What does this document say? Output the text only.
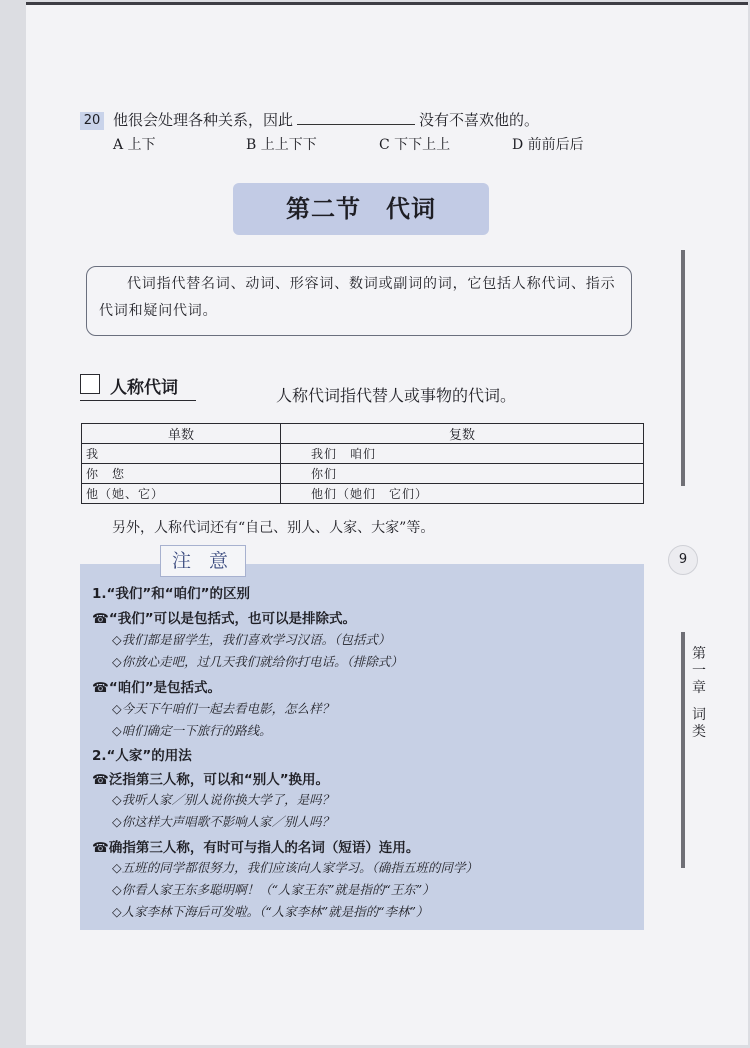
20 他很会处理各种关系，因此	没有不喜欢他的。
A 上下	B 上上下下	C 下下上上	D 前前后后
第二节　代词

代词指代替名词、动词、形容词、数词或副词的词，它包括人称代词、指示代词和疑问代词。

人称代词	人称代词指代替人或事物的代词。
单数	复数
我	我们　咱们
你　您	你们
他（她、它）	他们（她们　它们）
另外，人称代词还有“自己、别人、人家、大家”等。
1.“我们”和“咱们”的区别
☎“我们”可以是包括式，也可以是排除式。
◇我们都是留学生，我们喜欢学习汉语。（包括式）
◇你放心走吧，过几天我们就给你打电话。（排除式）
☎“咱们”是包括式。
◇今天下午咱们一起去看电影，怎么样？
◇咱们确定一下旅行的路线。
2.“人家”的用法
☎泛指第三人称，可以和“别人”换用。
◇我听人家／别人说你换大学了，是吗？
◇你这样大声唱歌不影响人家／别人吗？
☎确指第三人称，有时可与指人的名词（短语）连用。
◇五班的同学都很努力，我们应该向人家学习。（确指五班的同学）
◇你看人家王东多聪明啊！（“人家王东”就是指的“王东”）
◇人家李林下海后可发啦。（“人家李林”就是指的“李林”）
注 意	9
第
一
章
词
类
